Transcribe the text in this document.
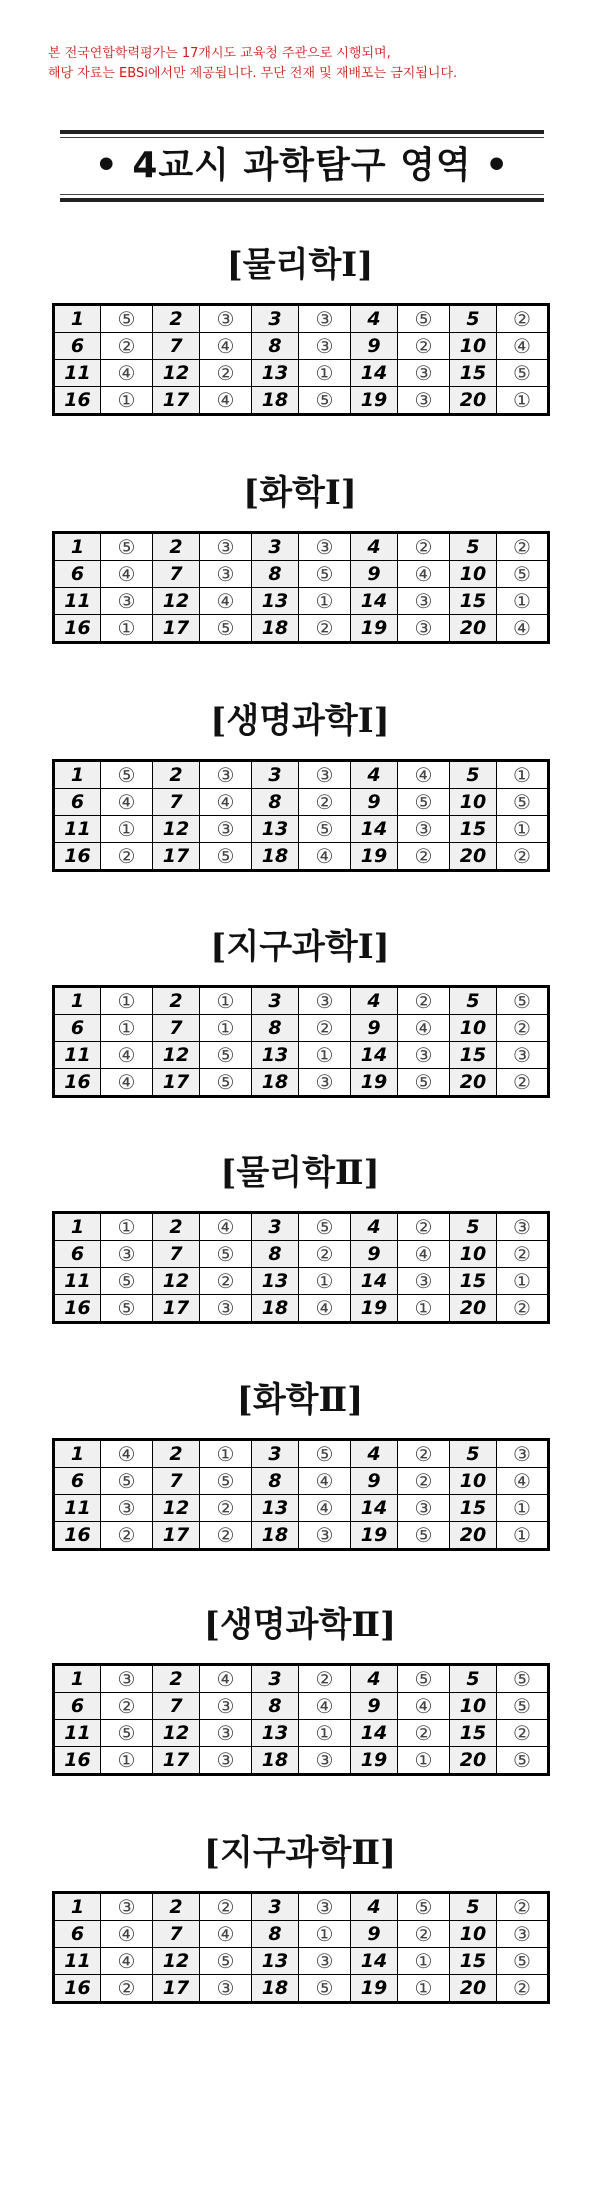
본 전국연합학력평가는 17개시도 교육청 주관으로 시행되며,
해당 자료는 EBSi에서만 제공됩니다. 무단 전재 및 재배포는 금지됩니다.
• 4교시 과학탐구 영역 •
[물리학Ⅰ]
1	⑤	2	③	3	③	4	⑤	5	②
6	②	7	④	8	③	9	②	10	④
11	④	12	②	13	①	14	③	15	⑤
16	①	17	④	18	⑤	19	③	20	①
[화학Ⅰ]
1	⑤	2	③	3	③	4	②	5	②
6	④	7	③	8	⑤	9	④	10	⑤
11	③	12	④	13	①	14	③	15	①
16	①	17	⑤	18	②	19	③	20	④
[생명과학Ⅰ]
1	⑤	2	③	3	③	4	④	5	①
6	④	7	④	8	②	9	⑤	10	⑤
11	①	12	③	13	⑤	14	③	15	①
16	②	17	⑤	18	④	19	②	20	②
[지구과학Ⅰ]
1	①	2	①	3	③	4	②	5	⑤
6	①	7	①	8	②	9	④	10	②
11	④	12	⑤	13	①	14	③	15	③
16	④	17	⑤	18	③	19	⑤	20	②
[물리학Ⅱ]
1	①	2	④	3	⑤	4	②	5	③
6	③	7	⑤	8	②	9	④	10	②
11	⑤	12	②	13	①	14	③	15	①
16	⑤	17	③	18	④	19	①	20	②
[화학Ⅱ]
1	④	2	①	3	⑤	4	②	5	③
6	⑤	7	⑤	8	④	9	②	10	④
11	③	12	②	13	④	14	③	15	①
16	②	17	②	18	③	19	⑤	20	①
[생명과학Ⅱ]
1	③	2	④	3	②	4	⑤	5	⑤
6	②	7	③	8	④	9	④	10	⑤
11	⑤	12	③	13	①	14	②	15	②
16	①	17	③	18	③	19	①	20	⑤
[지구과학Ⅱ]
1	③	2	②	3	③	4	⑤	5	②
6	④	7	④	8	①	9	②	10	③
11	④	12	⑤	13	③	14	①	15	⑤
16	②	17	③	18	⑤	19	①	20	②
